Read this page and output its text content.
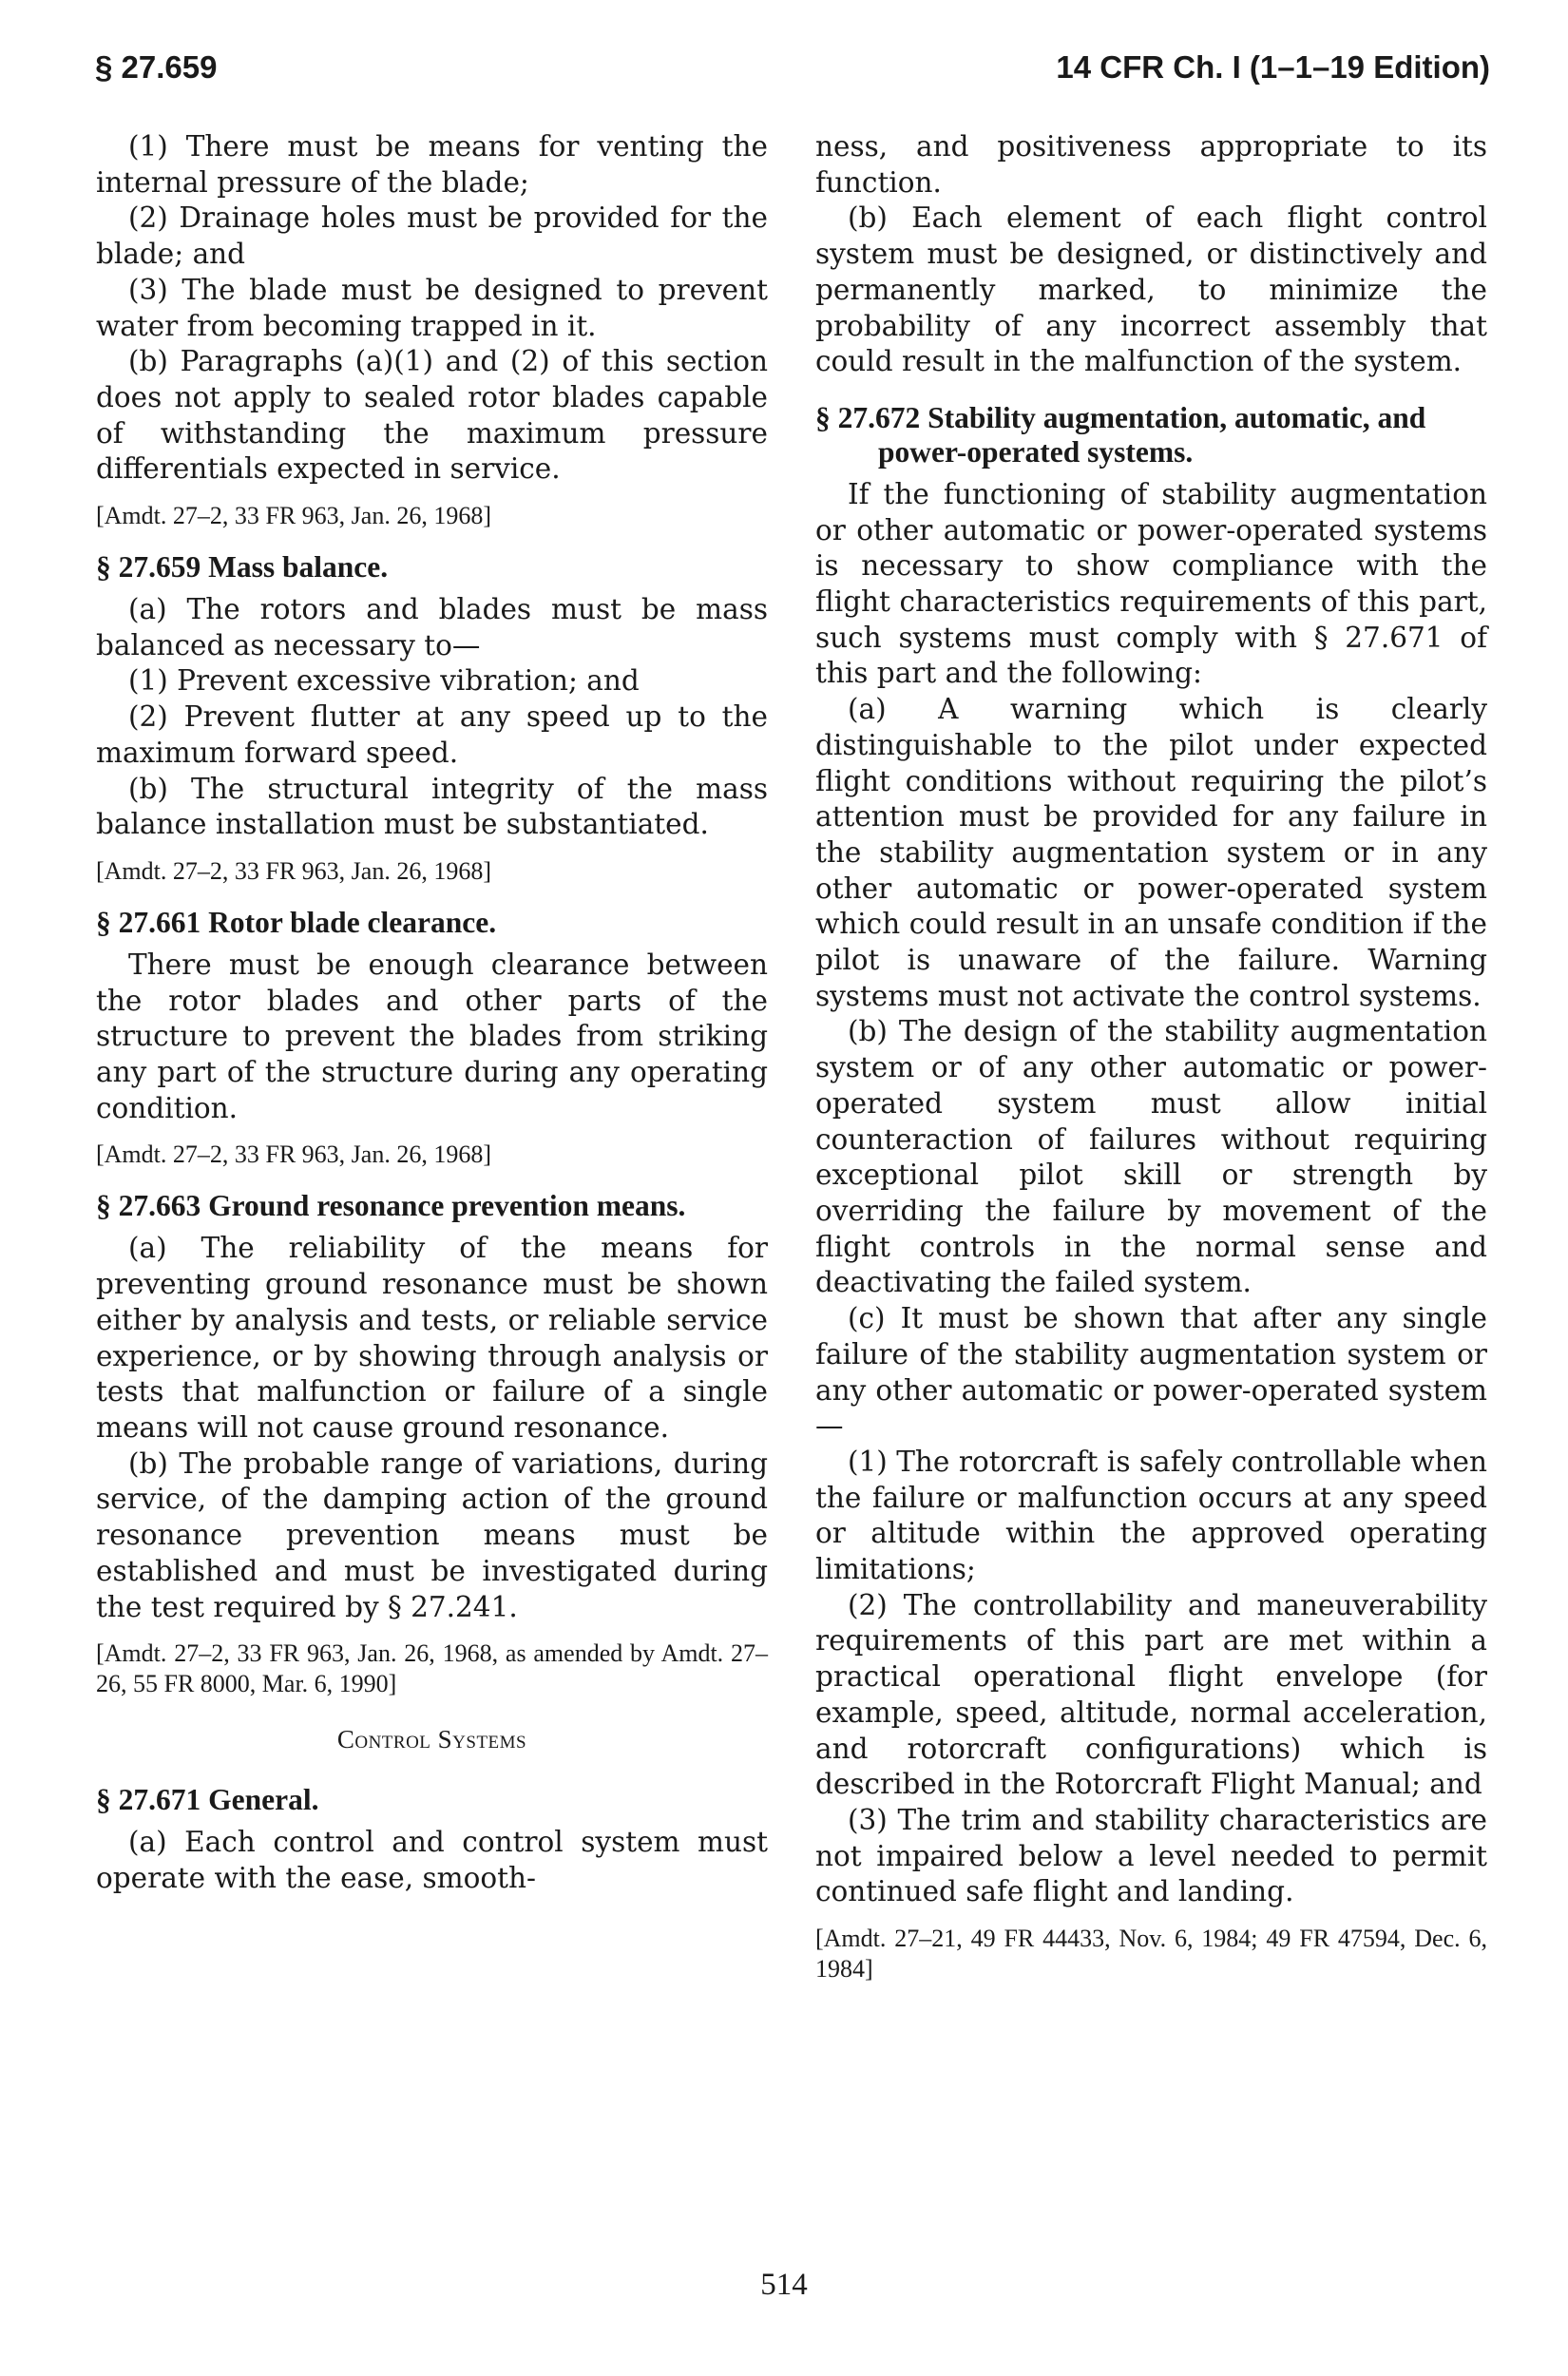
§ 27.659	14 CFR Ch. I (1–1–19 Edition)

(1) There must be means for venting the internal pressure of the blade;

(2) Drainage holes must be provided for the blade; and

(3) The blade must be designed to prevent water from becoming trapped in it.

(b) Paragraphs (a)(1) and (2) of this section does not apply to sealed rotor blades capable of withstanding the maximum pressure differentials expected in service.

[Amdt. 27–2, 33 FR 963, Jan. 26, 1968]

§ 27.659 Mass balance.

(a) The rotors and blades must be mass balanced as necessary to—

(1) Prevent excessive vibration; and

(2) Prevent flutter at any speed up to the maximum forward speed.

(b) The structural integrity of the mass balance installation must be substantiated.

[Amdt. 27–2, 33 FR 963, Jan. 26, 1968]

§ 27.661 Rotor blade clearance.

There must be enough clearance between the rotor blades and other parts of the structure to prevent the blades from striking any part of the structure during any operating condition.

[Amdt. 27–2, 33 FR 963, Jan. 26, 1968]

§ 27.663 Ground resonance prevention means.

(a) The reliability of the means for preventing ground resonance must be shown either by analysis and tests, or reliable service experience, or by showing through analysis or tests that malfunction or failure of a single means will not cause ground resonance.

(b) The probable range of variations, during service, of the damping action of the ground resonance prevention means must be established and must be investigated during the test required by § 27.241.

[Amdt. 27–2, 33 FR 963, Jan. 26, 1968, as amended by Amdt. 27–26, 55 FR 8000, Mar. 6, 1990]

Control Systems

§ 27.671 General.

(a) Each control and control system must operate with the ease, smooth-

ness, and positiveness appropriate to its function.

(b) Each element of each flight control system must be designed, or distinctively and permanently marked, to minimize the probability of any incorrect assembly that could result in the malfunction of the system.

§ 27.672 Stability augmentation, automatic, and power-operated systems.

If the functioning of stability augmentation or other automatic or power-operated systems is necessary to show compliance with the flight characteristics requirements of this part, such systems must comply with § 27.671 of this part and the following:

(a) A warning which is clearly distinguishable to the pilot under expected flight conditions without requiring the pilot’s attention must be provided for any failure in the stability augmentation system or in any other automatic or power-operated system which could result in an unsafe condition if the pilot is unaware of the failure. Warning systems must not activate the control systems.

(b) The design of the stability augmentation system or of any other automatic or power-operated system must allow initial counteraction of failures without requiring exceptional pilot skill or strength by overriding the failure by movement of the flight controls in the normal sense and deactivating the failed system.

(c) It must be shown that after any single failure of the stability augmentation system or any other automatic or power-operated system—

(1) The rotorcraft is safely controllable when the failure or malfunction occurs at any speed or altitude within the approved operating limitations;

(2) The controllability and maneuverability requirements of this part are met within a practical operational flight envelope (for example, speed, altitude, normal acceleration, and rotorcraft configurations) which is described in the Rotorcraft Flight Manual; and

(3) The trim and stability characteristics are not impaired below a level needed to permit continued safe flight and landing.

[Amdt. 27–21, 49 FR 44433, Nov. 6, 1984; 49 FR 47594, Dec. 6, 1984]

514
